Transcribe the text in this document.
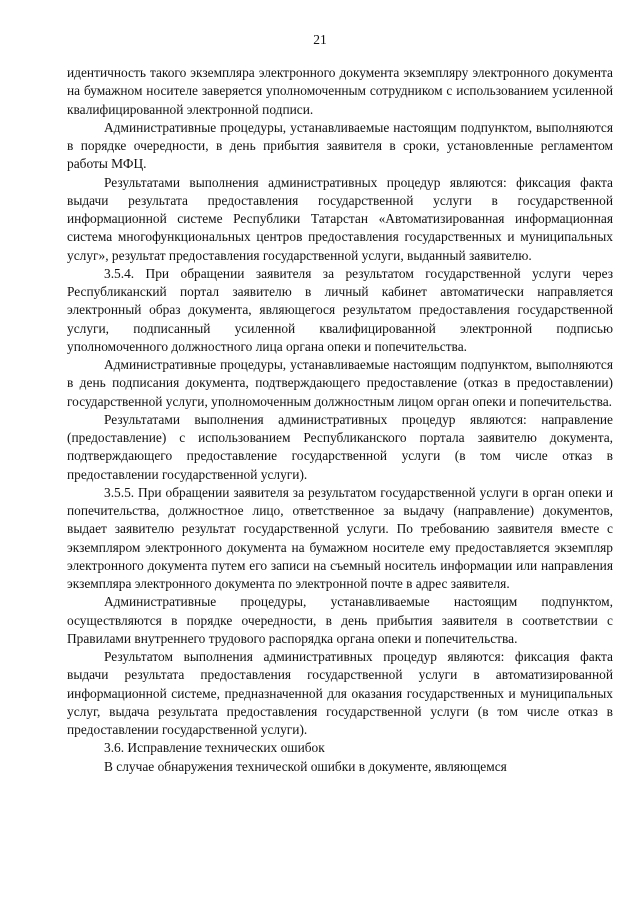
21

идентичность такого экземпляра электронного документа экземпляру электронного документа на бумажном носителе заверяется уполномоченным сотрудником с использованием усиленной квалифицированной электронной подписи.

Административные процедуры, устанавливаемые настоящим подпунктом, выполняются в порядке очередности, в день прибытия заявителя в сроки, установленные регламентом работы МФЦ.

Результатами выполнения административных процедур являются: фиксация факта выдачи результата предоставления государственной услуги в государственной информационной системе Республики Татарстан «Автоматизированная информационная система многофункциональных центров предоставления государственных и муниципальных услуг», результат предоставления государственной услуги, выданный заявителю.

3.5.4. При обращении заявителя за результатом государственной услуги через Республиканский портал заявителю в личный кабинет автоматически направляется электронный образ документа, являющегося результатом предоставления государственной услуги, подписанный усиленной квалифицированной электронной подписью уполномоченного должностного лица органа опеки и попечительства.

Административные процедуры, устанавливаемые настоящим подпунктом, выполняются в день подписания документа, подтверждающего предоставление (отказ в предоставлении) государственной услуги, уполномоченным должностным лицом орган опеки и попечительства.

Результатами выполнения административных процедур являются: направление (предоставление) с использованием Республиканского портала заявителю документа, подтверждающего предоставление государственной услуги (в том числе отказ в предоставлении государственной услуги).

3.5.5. При обращении заявителя за результатом государственной услуги в орган опеки и попечительства, должностное лицо, ответственное за выдачу (направление) документов, выдает заявителю результат государственной услуги. По требованию заявителя вместе с экземпляром электронного документа на бумажном носителе ему предоставляется экземпляр электронного документа путем его записи на съемный носитель информации или направления экземпляра электронного документа по электронной почте в адрес заявителя.

Административные процедуры, устанавливаемые настоящим подпунктом, осуществляются в порядке очередности, в день прибытия заявителя в соответствии с Правилами внутреннего трудового распорядка органа опеки и попечительства.

Результатом выполнения административных процедур являются: фиксация факта выдачи результата предоставления государственной услуги в автоматизированной информационной системе, предназначенной для оказания государственных и муниципальных услуг, выдача результата предоставления государственной услуги (в том числе отказ в предоставлении государственной услуги).

3.6. Исправление технических ошибок

В случае обнаружения технической ошибки в документе, являющемся
